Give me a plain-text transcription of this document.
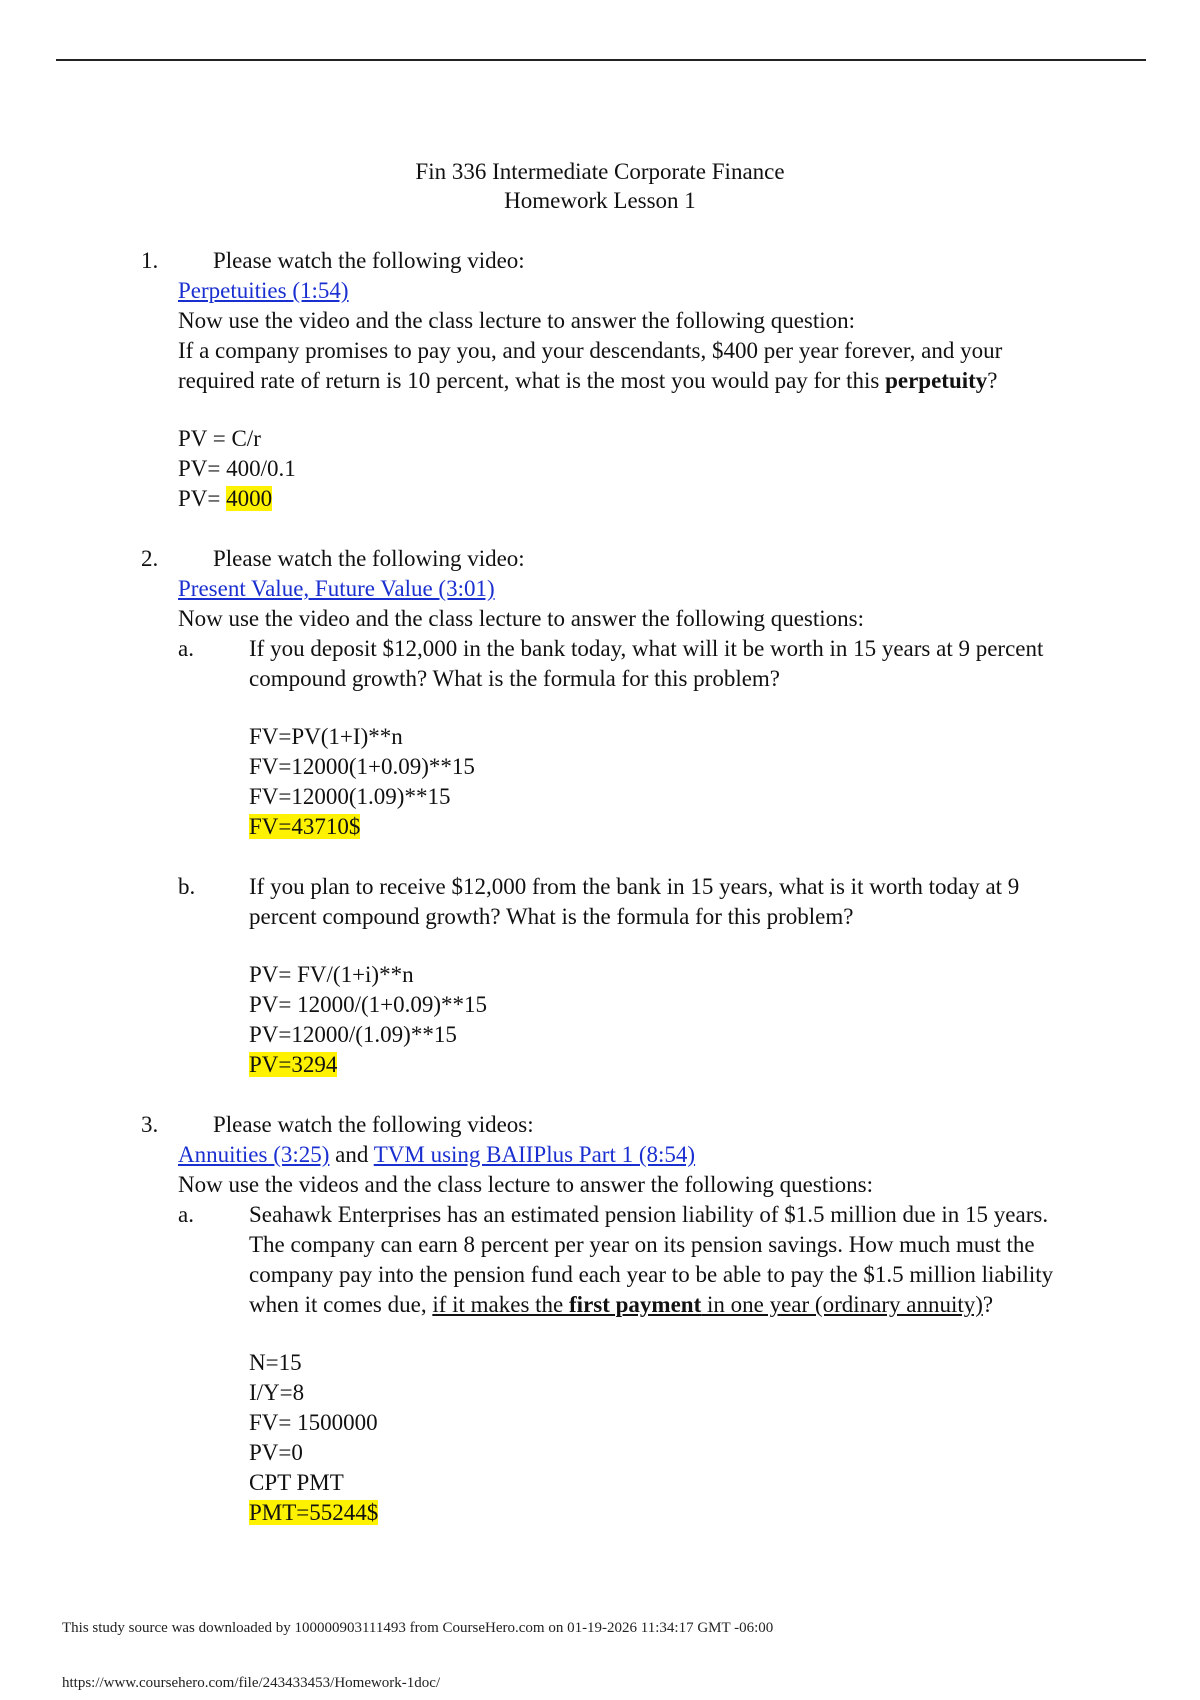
Fin 336 Intermediate Corporate Finance
Homework Lesson 1
1. Please watch the following video:
Perpetuities (1:54)
Now use the video and the class lecture to answer the following question:
If a company promises to pay you, and your descendants, $400 per year forever, and your
required rate of return is 10 percent, what is the most you would pay for this perpetuity?
PV = C/r
PV= 400/0.1
PV= 4000
2. Please watch the following video:
Present Value, Future Value (3:01)
Now use the video and the class lecture to answer the following questions:
a. If you deposit $12,000 in the bank today, what will it be worth in 15 years at 9 percent
compound growth? What is the formula for this problem?
FV=PV(1+I)**n
FV=12000(1+0.09)**15
FV=12000(1.09)**15
FV=43710$
b. If you plan to receive $12,000 from the bank in 15 years, what is it worth today at 9
percent compound growth? What is the formula for this problem?
PV= FV/(1+i)**n
PV= 12000/(1+0.09)**15
PV=12000/(1.09)**15
PV=3294
3. Please watch the following videos:
Annuities (3:25) and TVM using BAIIPlus Part 1 (8:54)
Now use the videos and the class lecture to answer the following questions:
a. Seahawk Enterprises has an estimated pension liability of $1.5 million due in 15 years.
The company can earn 8 percent per year on its pension savings. How much must the
company pay into the pension fund each year to be able to pay the $1.5 million liability
when it comes due, if it makes the first payment in one year (ordinary annuity)?
N=15
I/Y=8
FV= 1500000
PV=0
CPT PMT
PMT=55244$
This study source was downloaded by 100000903111493 from CourseHero.com on 01-19-2026 11:34:17 GMT -06:00
https://www.coursehero.com/file/243433453/Homework-1doc/
